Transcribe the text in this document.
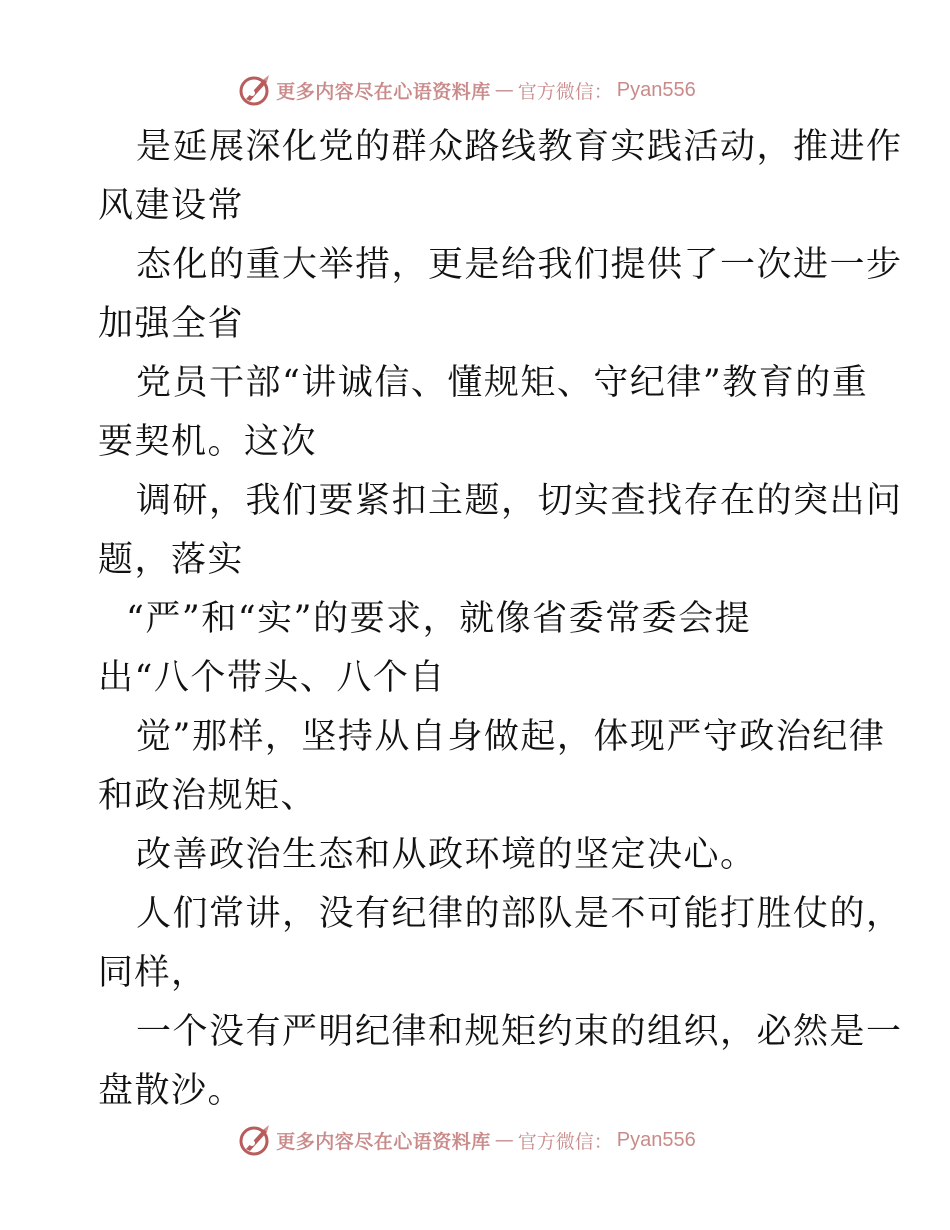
更多内容尽在心语资料库 — 官方微信： Pyan556
是延展深化党的群众路线教育实践活动，推进作
风建设常
态化的重大举措，更是给我们提供了一次进一步
加强全省
党员干部“讲诚信、懂规矩、守纪律”教育的重
要契机。这次
调研，我们要紧扣主题，切实查找存在的突出问
题，落实
“严”和“实”的要求，就像省委常委会提
出“八个带头、八个自
觉”那样，坚持从自身做起，体现严守政治纪律
和政治规矩、
改善政治生态和从政环境的坚定决心。
人们常讲，没有纪律的部队是不可能打胜仗的，
同样，
一个没有严明纪律和规矩约束的组织，必然是一
盘散沙。
更多内容尽在心语资料库 — 官方微信： Pyan556
